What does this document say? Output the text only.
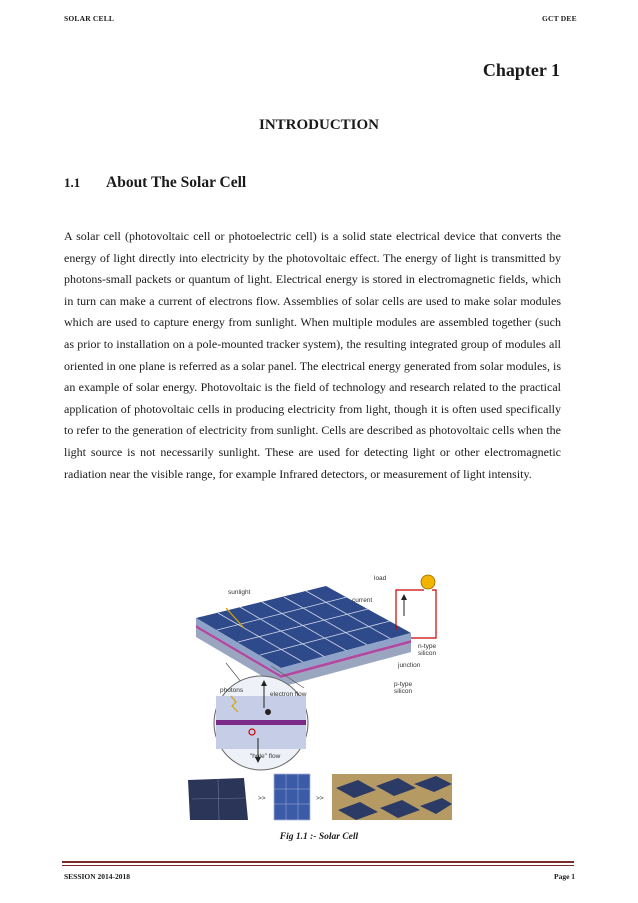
SOLAR CELL	GCT DEE
Chapter 1
INTRODUCTION
1.1 About The Solar Cell

A solar cell (photovoltaic cell or photoelectric cell) is a solid state electrical device that converts the energy of light directly into electricity by the photovoltaic effect. The energy of light is transmitted by photons-small packets or quantum of light. Electrical energy is stored in electromagnetic fields, which in turn can make a current of electrons flow. Assemblies of solar cells are used to make solar modules which are used to capture energy from sunlight. When multiple modules are assembled together (such as prior to installation on a pole-mounted tracker system), the resulting integrated group of modules all oriented in one plane is referred as a solar panel. The electrical energy generated from solar modules, is an example of solar energy. Photovoltaic is the field of technology and research related to the practical application of photovoltaic cells in producing electricity from light, though it is often used specifically to refer to the generation of electricity from sunlight. Cells are described as photovoltaic cells when the light source is not necessarily sunlight. These are used for detecting light or other electromagnetic radiation near the visible range, for example Infrared detectors, or measurement of light intensity.

load
current
sunlight
n-type
silicon
junction
p-type
silicon
photons
electron flow
"hole" flow
>>	>>
Fig 1.1 :- Solar Cell
SESSION 2014-2018	Page 1
